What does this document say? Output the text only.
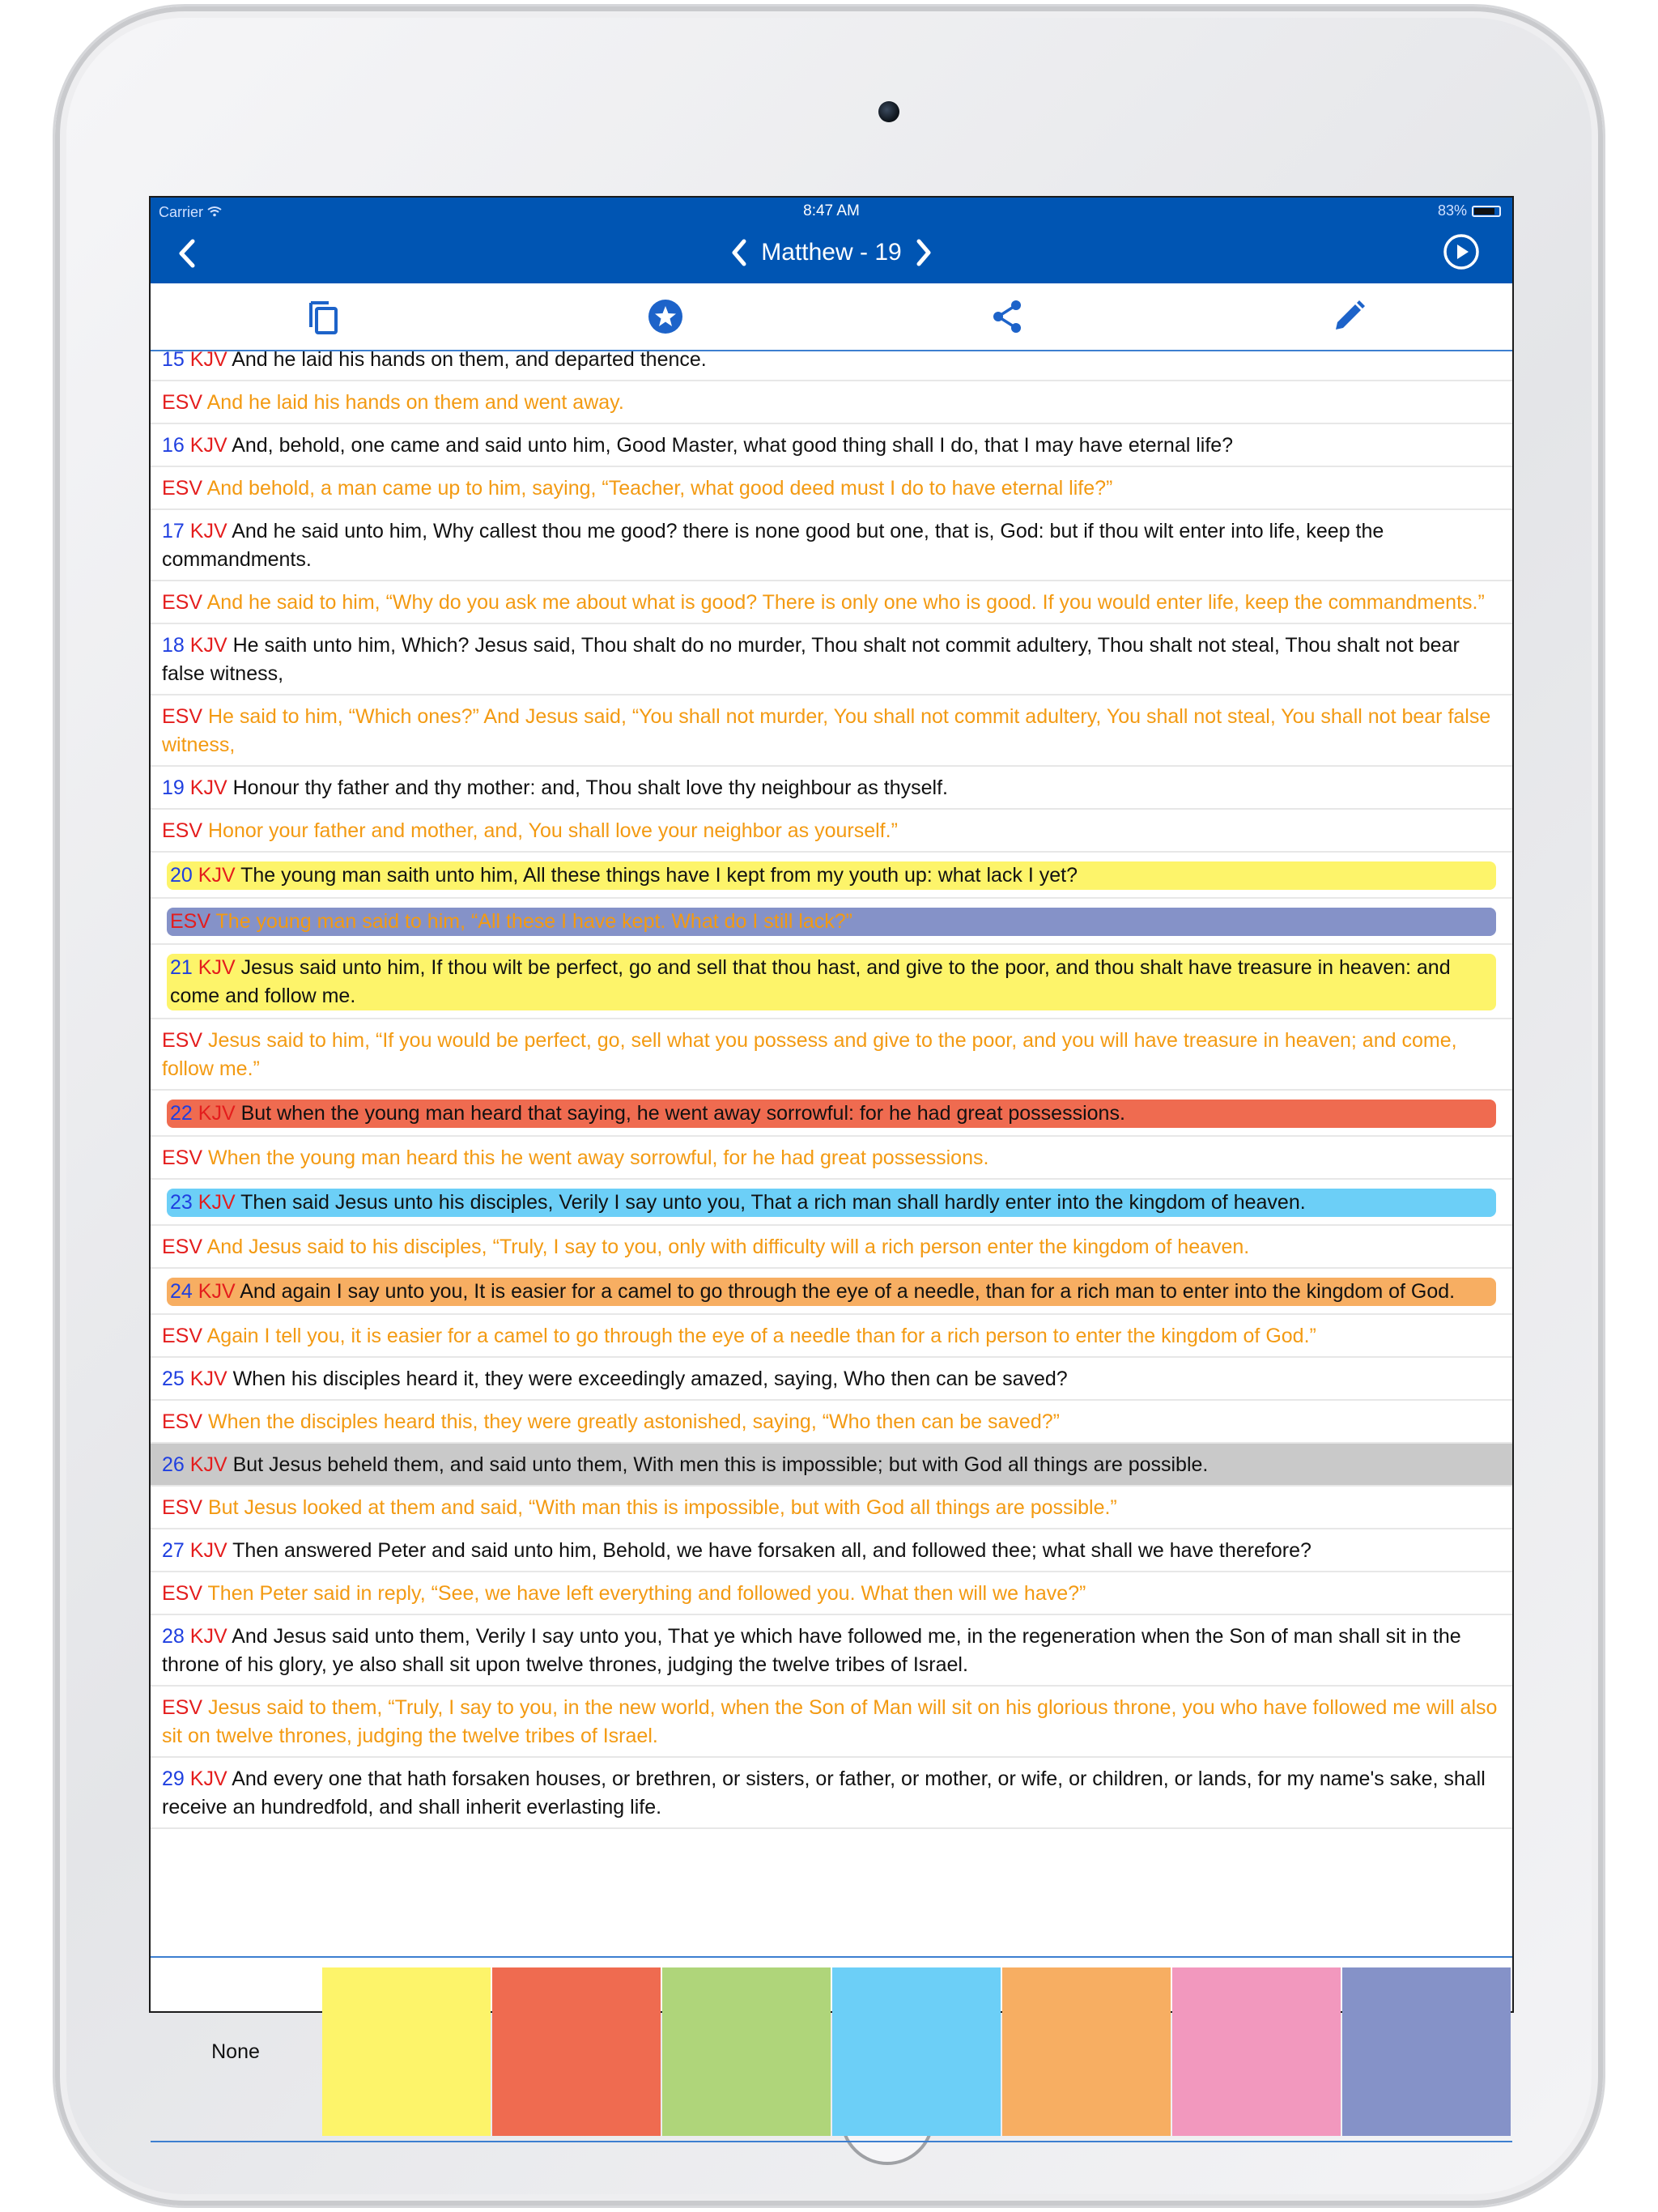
Carrier	8:47 AM	83%
Matthew - 19
15 KJV And he laid his hands on them, and departed thence.
ESV And he laid his hands on them and went away.
16 KJV And, behold, one came and said unto him, Good Master, what good thing shall I do, that I may have eternal life?
ESV And behold, a man came up to him, saying, “Teacher, what good deed must I do to have eternal life?”
17 KJV And he said unto him, Why callest thou me good? there is none good but one, that is, God: but if thou wilt enter into life, keep the commandments.
ESV And he said to him, “Why do you ask me about what is good? There is only one who is good. If you would enter life, keep the commandments.”
18 KJV He saith unto him, Which? Jesus said, Thou shalt do no murder, Thou shalt not commit adultery, Thou shalt not steal, Thou shalt not bear false witness,
ESV He said to him, “Which ones?” And Jesus said, “You shall not murder, You shall not commit adultery, You shall not steal, You shall not bear false witness,
19 KJV Honour thy father and thy mother: and, Thou shalt love thy neighbour as thyself.
ESV Honor your father and mother, and, You shall love your neighbor as yourself.”
20 KJV The young man saith unto him, All these things have I kept from my youth up: what lack I yet?
ESV The young man said to him, “All these I have kept. What do I still lack?”
21 KJV Jesus said unto him, If thou wilt be perfect, go and sell that thou hast, and give to the poor, and thou shalt have treasure in heaven: and come and follow me.
ESV Jesus said to him, “If you would be perfect, go, sell what you possess and give to the poor, and you will have treasure in heaven; and come, follow me.”
22 KJV But when the young man heard that saying, he went away sorrowful: for he had great possessions.
ESV When the young man heard this he went away sorrowful, for he had great possessions.
23 KJV Then said Jesus unto his disciples, Verily I say unto you, That a rich man shall hardly enter into the kingdom of heaven.
ESV And Jesus said to his disciples, “Truly, I say to you, only with difficulty will a rich person enter the kingdom of heaven.
24 KJV And again I say unto you, It is easier for a camel to go through the eye of a needle, than for a rich man to enter into the kingdom of God.
ESV Again I tell you, it is easier for a camel to go through the eye of a needle than for a rich person to enter the kingdom of God.”
25 KJV When his disciples heard it, they were exceedingly amazed, saying, Who then can be saved?
ESV When the disciples heard this, they were greatly astonished, saying, “Who then can be saved?”
26 KJV But Jesus beheld them, and said unto them, With men this is impossible; but with God all things are possible.
ESV But Jesus looked at them and said, “With man this is impossible, but with God all things are possible.”
27 KJV Then answered Peter and said unto him, Behold, we have forsaken all, and followed thee; what shall we have therefore?
ESV Then Peter said in reply, “See, we have left everything and followed you. What then will we have?”
28 KJV And Jesus said unto them, Verily I say unto you, That ye which have followed me, in the regeneration when the Son of man shall sit in the throne of his glory, ye also shall sit upon twelve thrones, judging the twelve tribes of Israel.
ESV Jesus said to them, “Truly, I say to you, in the new world, when the Son of Man will sit on his glorious throne, you who have followed me will also sit on twelve thrones, judging the twelve tribes of Israel.
29 KJV And every one that hath forsaken houses, or brethren, or sisters, or father, or mother, or wife, or children, or lands, for my name's sake, shall receive an hundredfold, and shall inherit everlasting life.
None
